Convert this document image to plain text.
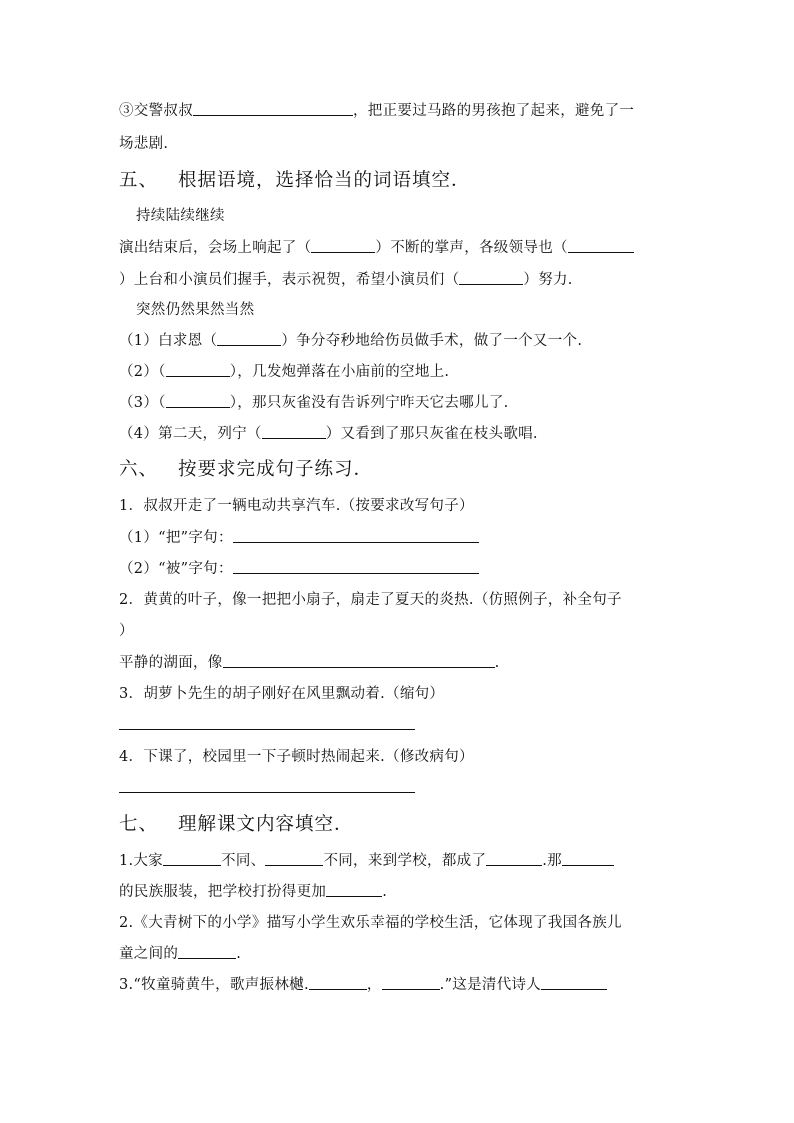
③交警叔叔	，把正要过马路的男孩抱了起来，避免了一
场悲剧.
五、 根据语境，选择恰当的词语填空．
持续陆续继续
演出结束后，会场上响起了（	）不断的掌声，各级领导也（
）上台和小演员们握手，表示祝贺，希望小演员们（	）努力.
突然仍然果然当然
（1）白求恩（	）争分夺秒地给伤员做手术，做了一个又一个.
（2）（	），几发炮弹落在小庙前的空地上.
（3）（	），那只灰雀没有告诉列宁昨天它去哪儿了.
（4）第二天，列宁（	）又看到了那只灰雀在枝头歌唱.
六、 按要求完成句子练习．
1．叔叔开走了一辆电动共享汽车.（按要求改写句子）
（1）“把”字句：
（2）“被”字句：
2．黄黄的叶子，像一把把小扇子，扇走了夏天的炎热.（仿照例子，补全句子
）
平静的湖面，像	.
3．胡萝卜先生的胡子刚好在风里飘动着.（缩句）
4．下课了，校园里一下子顿时热闹起来.（修改病句）
七、 理解课文内容填空．
1.大家	不同、	不同，来到学校，都成了	.那
的民族服装，把学校打扮得更加	.
2.《大青树下的小学》描写小学生欢乐幸福的学校生活，它体现了我国各族儿
童之间的	.
3.“牧童骑黄牛，歌声振林樾.	，	.”这是清代诗人
